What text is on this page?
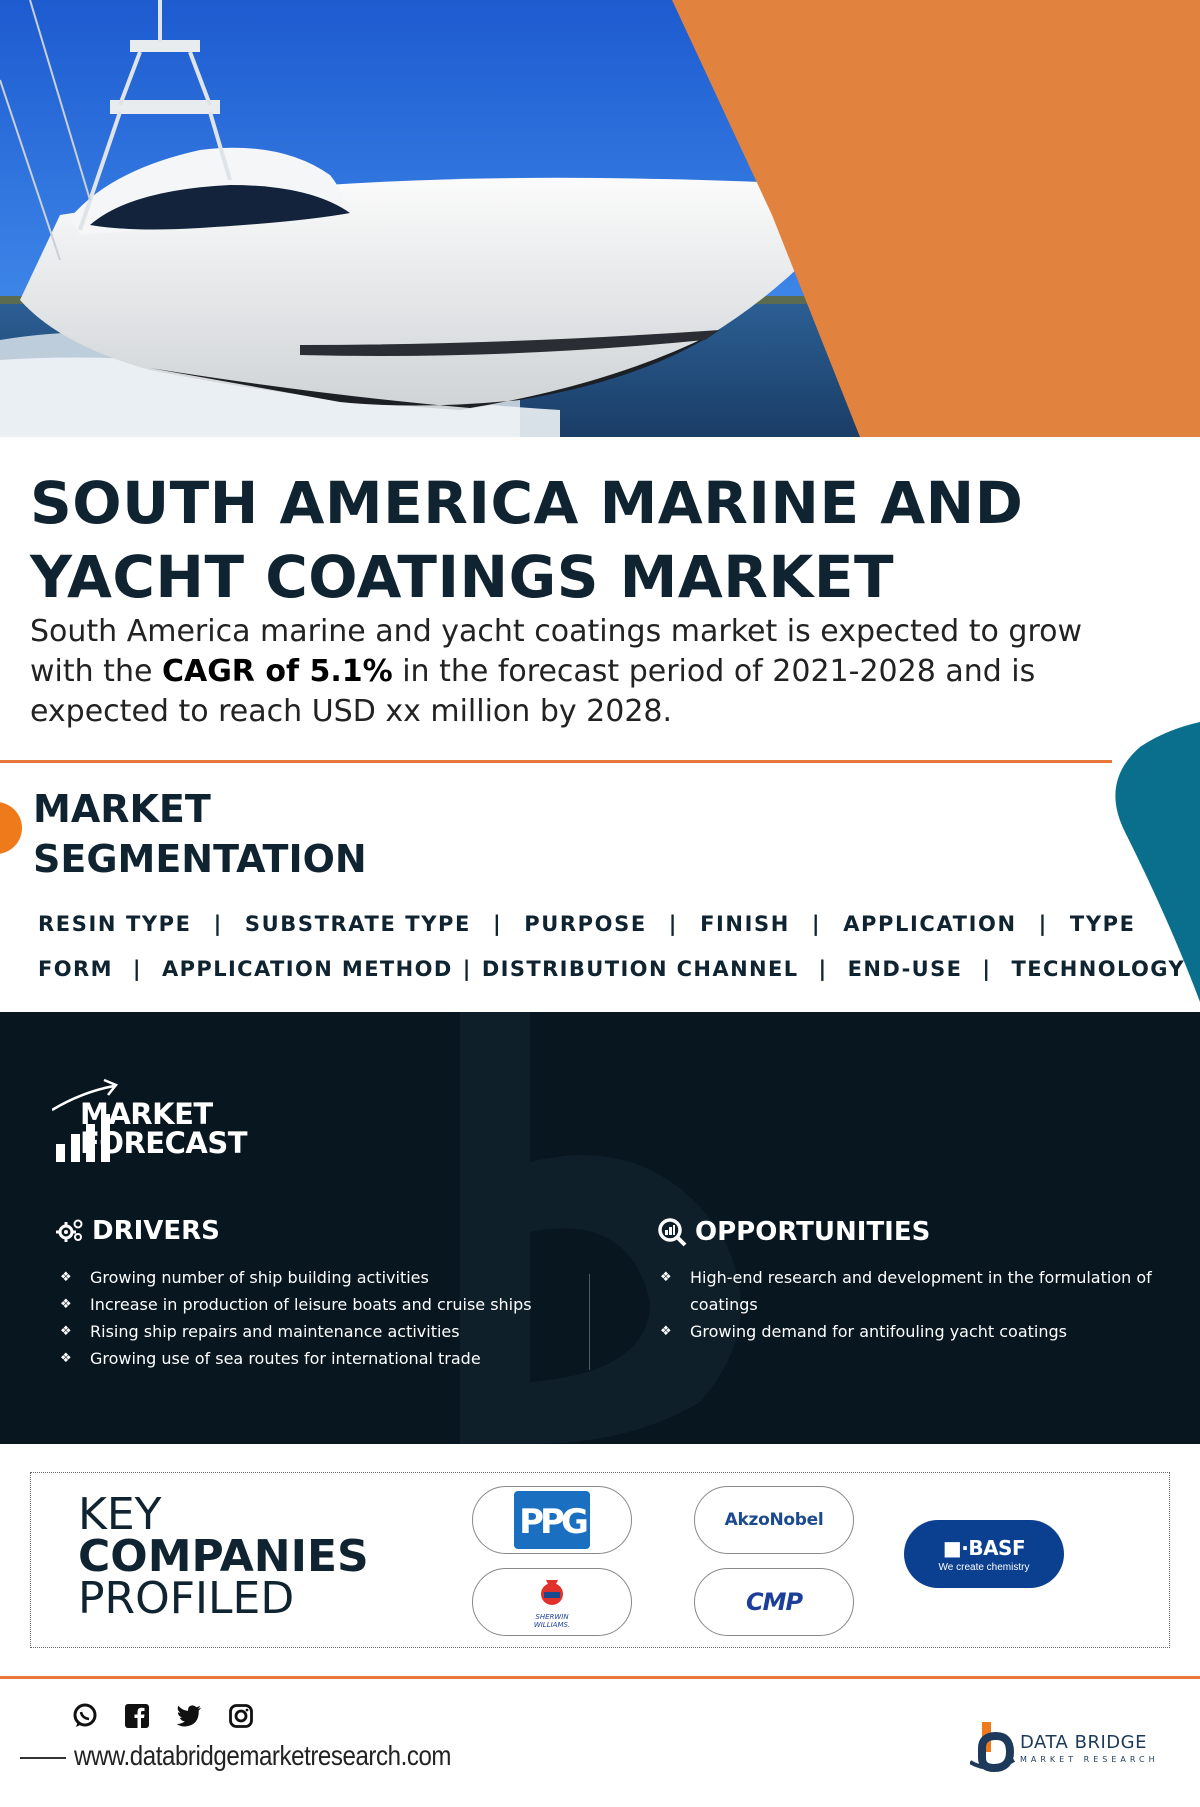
SOUTH AMERICA MARINE AND
YACHT COATINGS MARKET

South America marine and yacht coatings market is expected to grow with the CAGR of 5.1% in the forecast period of 2021-2028 and is expected to reach USD xx million by 2028.

MARKET
SEGMENTATION
RESIN TYPE | SUBSTRATE TYPE | PURPOSE | FINISH | APPLICATION | TYPE
FORM | APPLICATION METHOD | DISTRIBUTION CHANNEL | END-USE | TECHNOLOGY
MARKET
FORECAST
DRIVERS
❖ Growing number of ship building activities
❖ Increase in production of leisure boats and cruise ships
❖ Rising ship repairs and maintenance activities
❖ Growing use of sea routes for international trade
OPPORTUNITIES
❖ High-end research and development in the formulation of coatings
❖ Growing demand for antifouling yacht coatings
KEY
COMPANIES
PROFILED
PPG	AkzoNobel
SHERWIN
WILLIAMS.
CMP
■·BASF
We create chemistry
www.databridgemarketresearch.com	DATA BRIDGE
MARKET RESEARCH
